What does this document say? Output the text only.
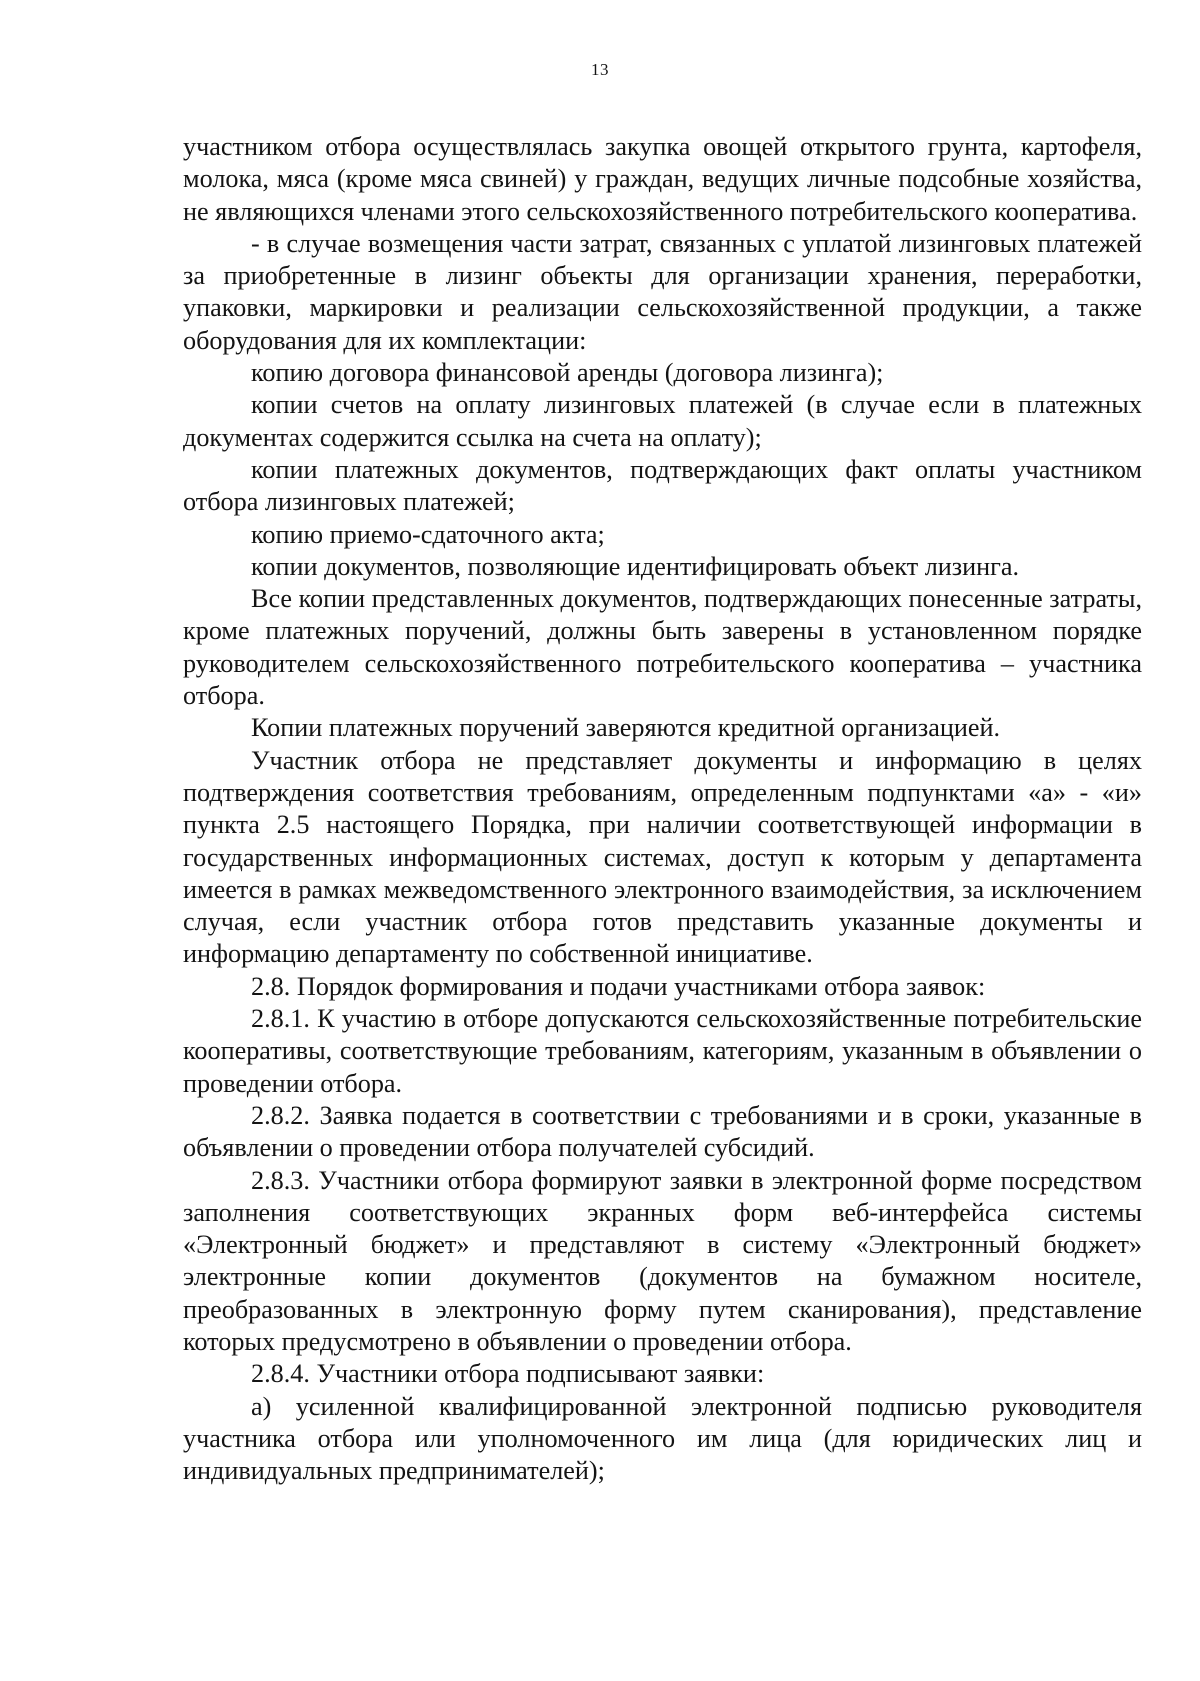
13

участником отбора осуществлялась закупка овощей открытого грунта, картофеля, молока, мяса (кроме мяса свиней) у граждан, ведущих личные подсобные хозяйства, не являющихся членами этого сельскохозяйственного потребительского кооператива.

- в случае возмещения части затрат, связанных с уплатой лизинговых платежей за приобретенные в лизинг объекты для организации хранения, переработки, упаковки, маркировки и реализации сельскохозяйственной продукции, а также оборудования для их комплектации:

копию договора финансовой аренды (договора лизинга);

копии счетов на оплату лизинговых платежей (в случае если в платежных документах содержится ссылка на счета на оплату);

копии платежных документов, подтверждающих факт оплаты участником отбора лизинговых платежей;

копию приемо-сдаточного акта;

копии документов, позволяющие идентифицировать объект лизинга.

Все копии представленных документов, подтверждающих понесенные затраты, кроме платежных поручений, должны быть заверены в установленном порядке руководителем сельскохозяйственного потребительского кооператива – участника отбора.

Копии платежных поручений заверяются кредитной организацией.

Участник отбора не представляет документы и информацию в целях подтверждения соответствия требованиям, определенным подпунктами «а» - «и» пункта 2.5 настоящего Порядка, при наличии соответствующей информации в государственных информационных системах, доступ к которым у департамента имеется в рамках межведомственного электронного взаимодействия, за исключением случая, если участник отбора готов представить указанные документы и информацию департаменту по собственной инициативе.

2.8. Порядок формирования и подачи участниками отбора заявок:

2.8.1. К участию в отборе допускаются сельскохозяйственные потребительские кооперативы, соответствующие требованиям, категориям, указанным в объявлении о проведении отбора.

2.8.2. Заявка подается в соответствии с требованиями и в сроки, указанные в объявлении о проведении отбора получателей субсидий.

2.8.3. Участники отбора формируют заявки в электронной форме посредством заполнения соответствующих экранных форм веб-интерфейса системы «Электронный бюджет» и представляют в систему «Электронный бюджет» электронные копии документов (документов на бумажном носителе, преобразованных в электронную форму путем сканирования), представление которых предусмотрено в объявлении о проведении отбора.

2.8.4. Участники отбора подписывают заявки:

а) усиленной квалифицированной электронной подписью руководителя участника отбора или уполномоченного им лица (для юридических лиц и индивидуальных предпринимателей);
